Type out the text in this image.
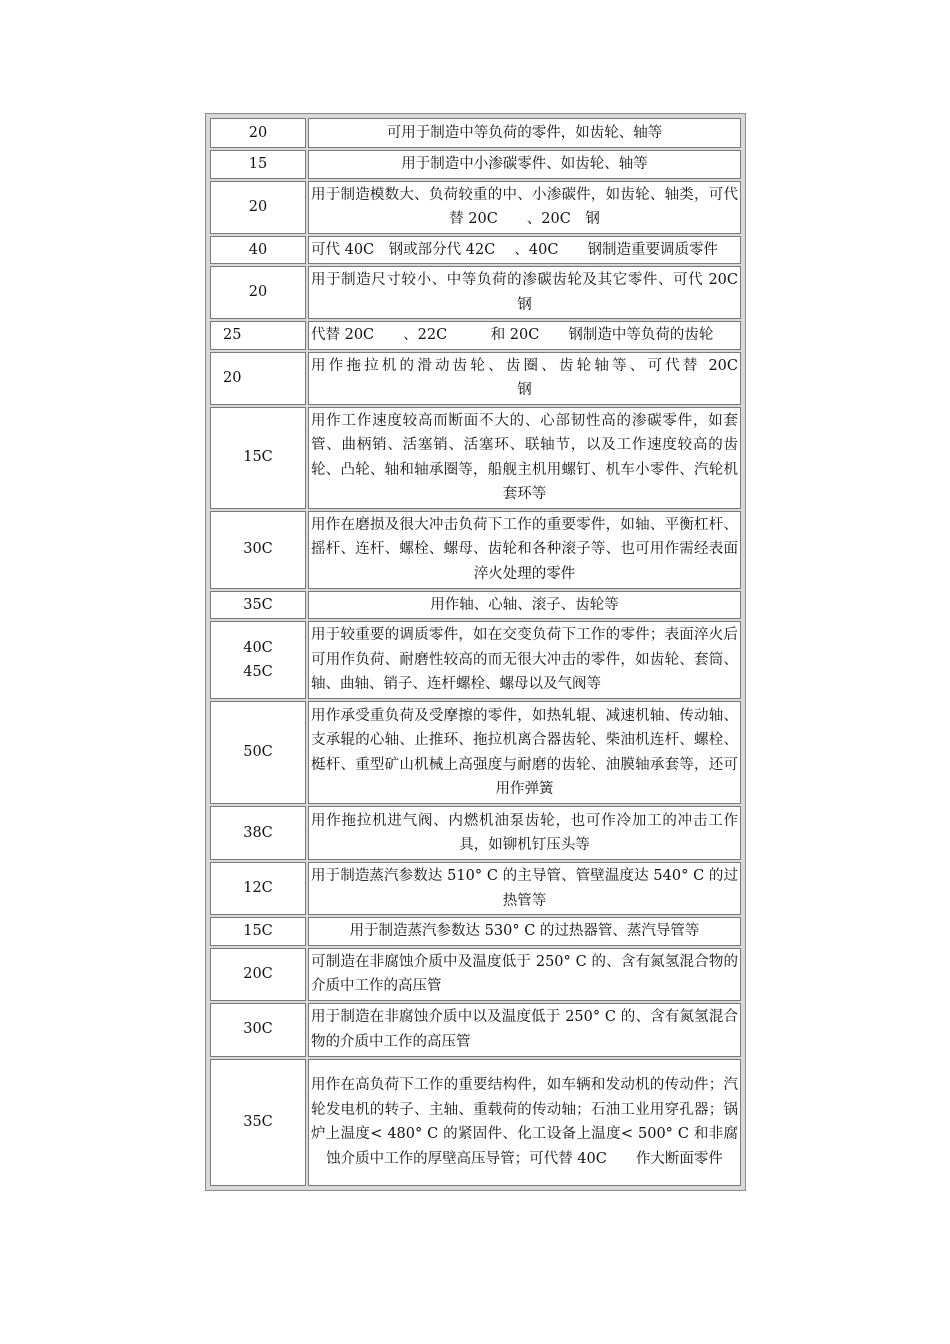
20	可用于制造中等负荷的零件，如齿轮、轴等

15	用于制造中小渗碳零件、如齿轮、轴等

20	用于制造模数大、负荷较重的中、小渗碳件，如齿轮、轴类，可代替 20C　　、20C　钢

40	可代 40C　钢或部分代 42C　 、40C　　钢制造重要调质零件

20	用于制造尺寸较小、中等负荷的渗碳齿轮及其它零件、可代 20C　　　钢

25	代替 20C　　、22C　　　和 20C　　钢制造中等负荷的齿轮

20	用作拖拉机的滑动齿轮、齿圈、齿轮轴等、可代替 20C　　　　　钢

15C	用作工作速度较高而断面不大的、心部韧性高的渗碳零件，如套管、曲柄销、活塞销、活塞环、联轴节，以及工作速度较高的齿轮、凸轮、轴和轴承圈等，船舰主机用螺钉、机车小零件、汽轮机套环等

30C	用作在磨损及很大冲击负荷下工作的重要零件，如轴、平衡杠杆、摇杆、连杆、螺栓、螺母、齿轮和各种滚子等、也可用作需经表面淬火处理的零件

35C	用作轴、心轴、滚子、齿轮等

40C
45C	用于较重要的调质零件，如在交变负荷下工作的零件；表面淬火后可用作负荷、耐磨性较高的而无很大冲击的零件，如齿轮、套筒、轴、曲轴、销子、连杆螺栓、螺母以及气阀等

50C	用作承受重负荷及受摩擦的零件，如热轧辊、减速机轴、传动轴、支承辊的心轴、止推环、拖拉机离合器齿轮、柴油机连杆、螺栓、梃杆、重型矿山机械上高强度与耐磨的齿轮、油膜轴承套等，还可用作弹簧

38C	用作拖拉机进气阀、内燃机油泵齿轮，也可作冷加工的冲击工作具，如铆机钉压头等

12C	用于制造蒸汽参数达 510° C 的主导管、管壁温度达 540° C 的过热管等

15C	用于制造蒸汽参数达 530° C 的过热器管、蒸汽导管等

20C	可制造在非腐蚀介质中及温度低于 250° C 的、含有氮氢混合物的介质中工作的高压管

30C	用于制造在非腐蚀介质中以及温度低于 250° C 的、含有氮氢混合物的介质中工作的高压管

35C	用作在高负荷下工作的重要结构件，如车辆和发动机的传动件；汽轮发电机的转子、主轴、重载荷的传动轴；石油工业用穿孔器；锅炉上温度< 480° C 的紧固件、化工设备上温度< 500° C 和非腐蚀介质中工作的厚壁高压导管；可代替 40C　　作大断面零件
